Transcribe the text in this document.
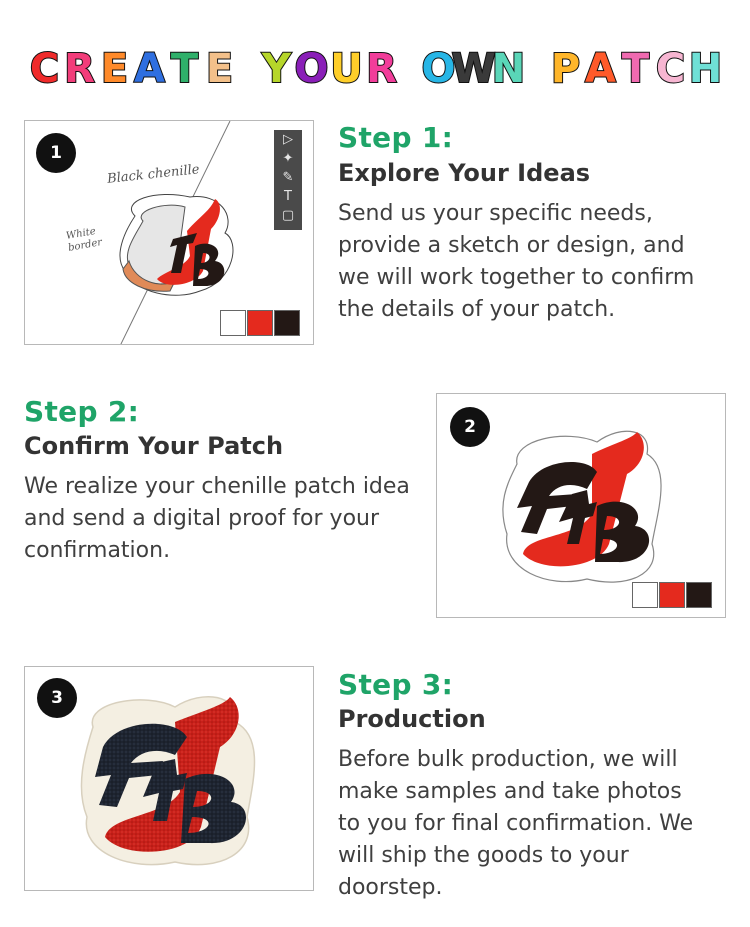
C R E A T E Y O U R O
W
N P A T C H
Black chenille
White border
▷
✦
✎
T
▢
1	Step 1:
Explore Your Ideas
Send us your specific needs,
provide a sketch or design, and
we will work together to confirm
the details of your patch.
Step 2:
Confirm Your Patch
We realize your chenille patch idea
and send a digital proof for your
confirmation.
2
3	Step 3:
Production
Before bulk production, we will
make samples and take photos
to you for final confirmation. We
will ship the goods to your
doorstep.
